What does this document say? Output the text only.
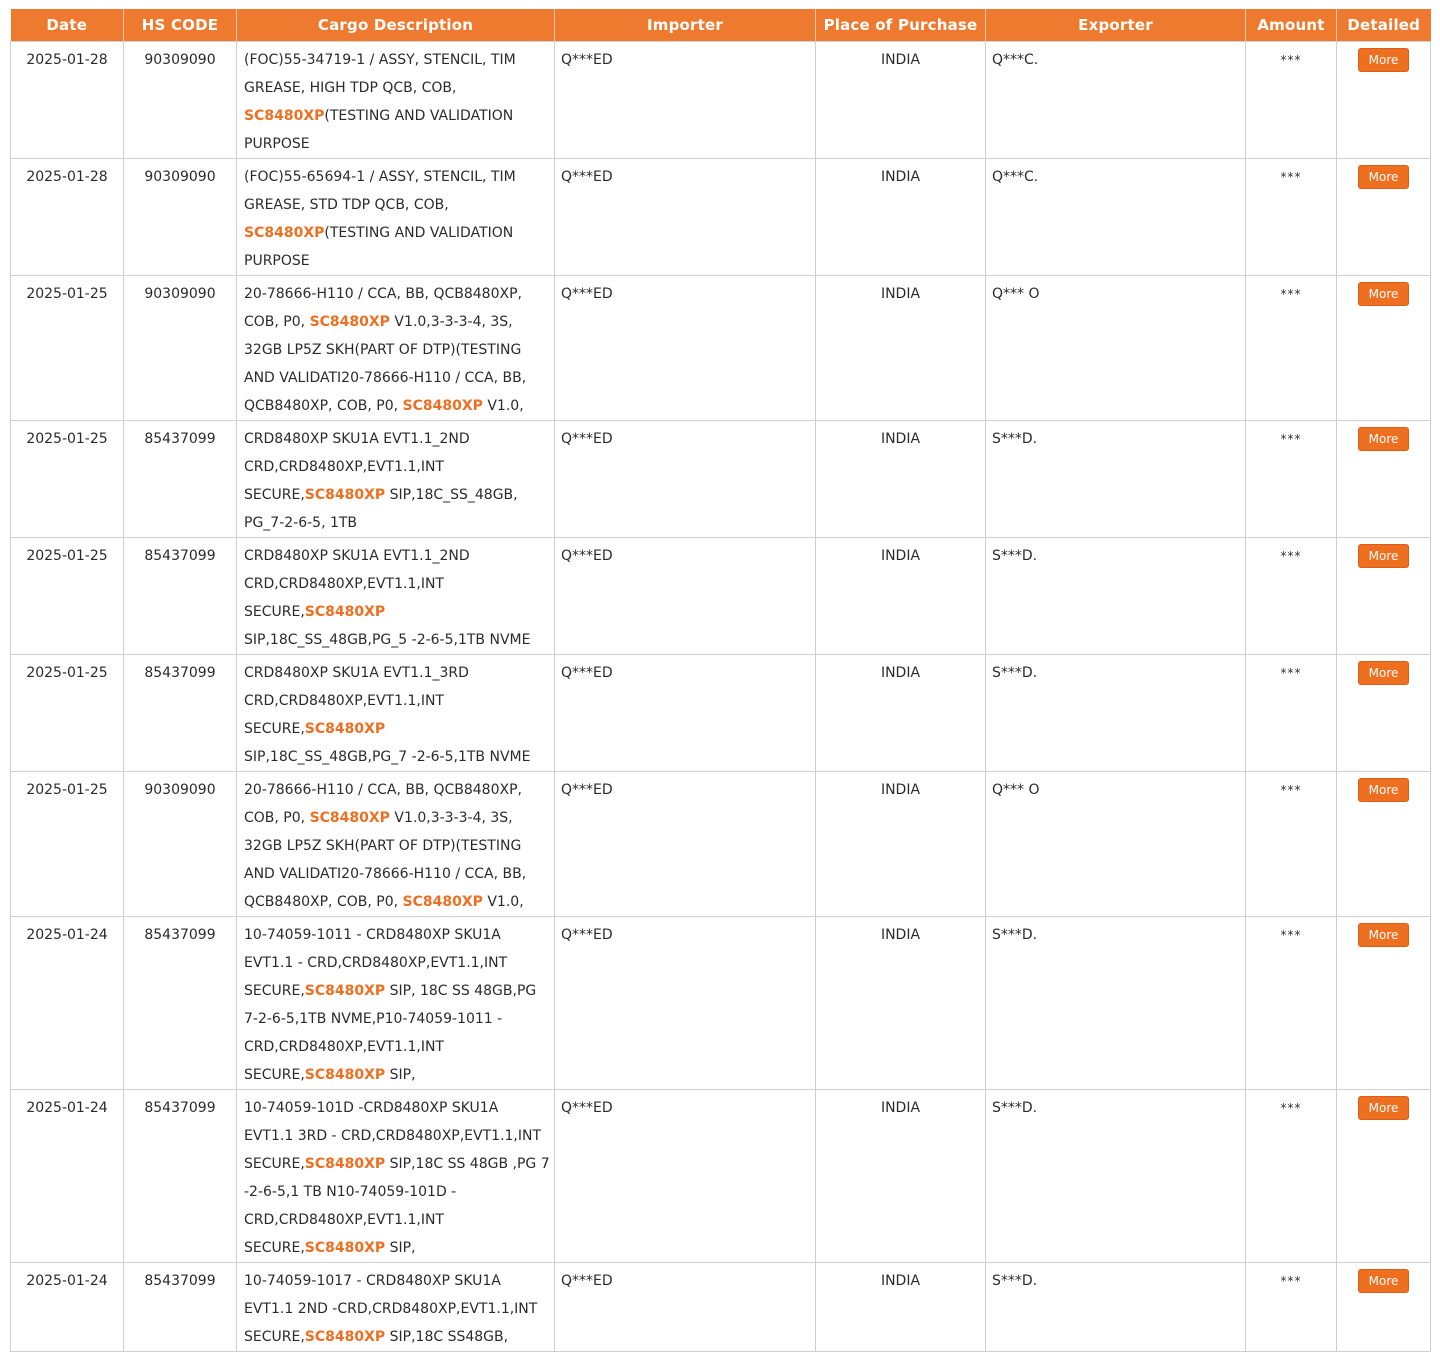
Date	HS CODE	Cargo Description	Importer	Place of Purchase	Exporter	Amount	Detailed
2025-01-28	90309090	(FOC)55-34719-1 / ASSY, STENCIL, TIM GREASE, HIGH TDP QCB, COB, SC8480XP(TESTING AND VALIDATION PURPOSE	Q***ED	INDIA	Q***C.	***	More
2025-01-28	90309090	(FOC)55-65694-1 / ASSY, STENCIL, TIM GREASE, STD TDP QCB, COB, SC8480XP(TESTING AND VALIDATION PURPOSE	Q***ED	INDIA	Q***C.	***	More
2025-01-25	90309090	20-78666-H110 / CCA, BB, QCB8480XP, COB, P0, SC8480XP V1.0,3-3-3-4, 3S, 32GB LP5Z SKH(PART OF DTP)(TESTING AND VALIDATI20-78666-H110 / CCA, BB, QCB8480XP, COB, P0, SC8480XP V1.0,	Q***ED	INDIA	Q*** O	***	More
2025-01-25	85437099	CRD8480XP SKU1A EVT1.1_2ND CRD,CRD8480XP,EVT1.1,INT SECURE,SC8480XP SIP,18C_SS_48GB, PG_7-2-6-5, 1TB	Q***ED	INDIA	S***D.	***	More
2025-01-25	85437099	CRD8480XP SKU1A EVT1.1_2ND CRD,CRD8480XP,EVT1.1,INT SECURE,SC8480XP SIP,18C_SS_48GB,PG_5 -2-6-5,1TB NVME	Q***ED	INDIA	S***D.	***	More
2025-01-25	85437099	CRD8480XP SKU1A EVT1.1_3RD CRD,CRD8480XP,EVT1.1,INT SECURE,SC8480XP SIP,18C_SS_48GB,PG_7 -2-6-5,1TB NVME	Q***ED	INDIA	S***D.	***	More
2025-01-25	90309090	20-78666-H110 / CCA, BB, QCB8480XP, COB, P0, SC8480XP V1.0,3-3-3-4, 3S, 32GB LP5Z SKH(PART OF DTP)(TESTING AND VALIDATI20-78666-H110 / CCA, BB, QCB8480XP, COB, P0, SC8480XP V1.0,	Q***ED	INDIA	Q*** O	***	More
2025-01-24	85437099	10-74059-1011 - CRD8480XP SKU1A EVT1.1 - CRD,CRD8480XP,EVT1.1,INT SECURE,SC8480XP SIP, 18C SS 48GB,PG 7-2-6-5,1TB NVME,P10-74059-1011 - CRD,CRD8480XP,EVT1.1,INT SECURE,SC8480XP SIP,	Q***ED	INDIA	S***D.	***	More
2025-01-24	85437099	10-74059-101D -CRD8480XP SKU1A EVT1.1 3RD - CRD,CRD8480XP,EVT1.1,INT SECURE,SC8480XP SIP,18C SS 48GB ,PG 7 -2-6-5,1 TB N10-74059-101D - CRD,CRD8480XP,EVT1.1,INT SECURE,SC8480XP SIP,	Q***ED	INDIA	S***D.	***	More
2025-01-24	85437099	10-74059-1017 - CRD8480XP SKU1A EVT1.1 2ND -CRD,CRD8480XP,EVT1.1,INT SECURE,SC8480XP SIP,18C SS48GB,	Q***ED	INDIA	S***D.	***	More
